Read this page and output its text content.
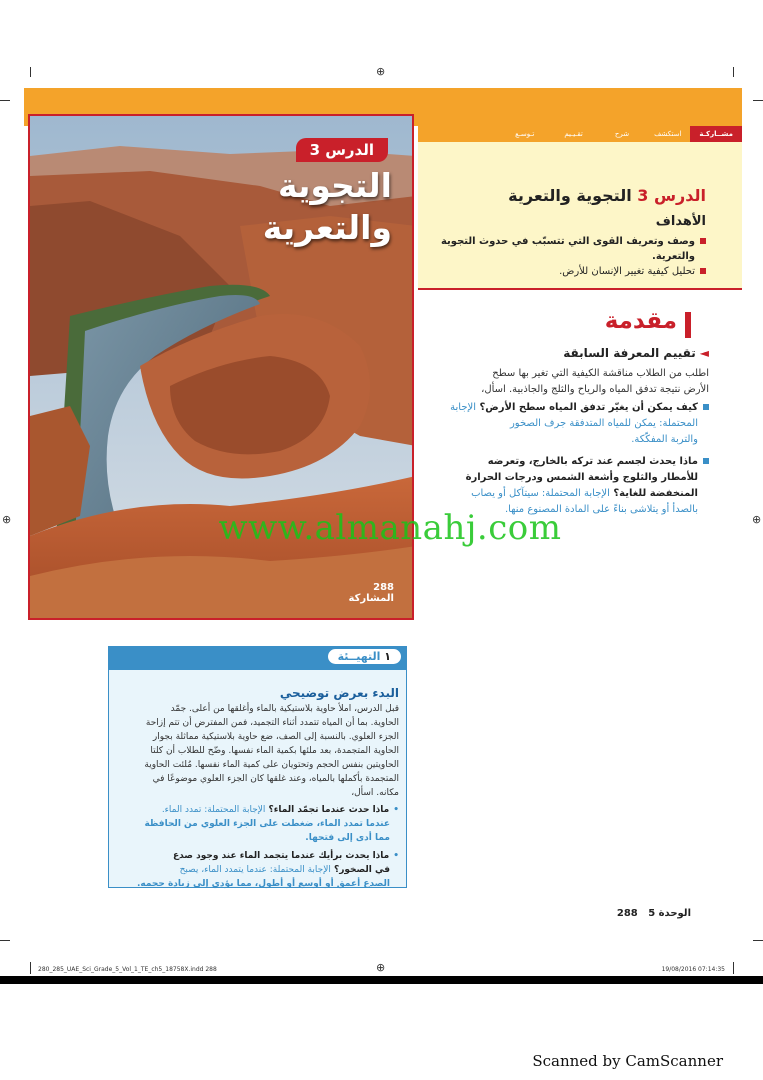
⊕
⊕	⊕
⊕
الدرس 3
التجوية
والتعرية
288
المشاركة
مشــاركـة
استكشف
شرح
تقـيـيم
تـوسـع
الدرس 3 التجوية والتعرية
الأهداف
وصف وتعريف القوى التي تتسبّب في حدوث التجوية
والتعرية.
تحليل كيفية تغيير الإنسان للأرض.
مقدمة
◄تقييم المعرفة السابقة
اطلب من الطلاب مناقشة الكيفية التي تغير بها سطح
الأرض نتيجة تدفق المياه والرياح والثلج والجاذبية. اسأل،
كيف يمكن أن يغيّر تدفق المياه سطح الأرض؟ الإجابة
المحتملة: يمكن للمياه المتدفقة جرف الصخور
والتربة المفكّكة.
ماذا يحدث لجسم عند تركه بالخارج، وتعرضه
للأمطار والثلوج وأشعة الشمس ودرجات الحرارة
المنخفضة للغاية؟ الإجابة المحتملة: سيتآكل أو يصاب
بالصدأ أو يتلاشى بناءً على المادة المصنوع منها.
١ التهيــئة
البدء بعرض توضيحي
قبل الدرس، املأ حاوية بلاستيكية بالماء وأغلقها من أعلى. جمّد
الحاوية. بما أن المياه تتمدد أثناء التجميد، فمن المفترض أن تتم إزاحة
الجزء العلوي. بالنسبة إلى الصف، ضع حاوية بلاستيكية مماثلة بجوار
الحاوية المتجمدة، بعد ملئها بكمية الماء نفسها. وضّح للطلاب أن كلتا
الحاويتين بنفس الحجم وتحتويان على كمية الماء نفسها. مُلئت الحاوية
المتجمدة بأكملها بالمياه، وعند غلقها كان الجزء العلوي موضوعًا في
مكانه. اسأل،
•ماذا حدث عندما تجمّد الماء؟ الإجابة المحتملة: تمدد الماء.
عندما تمدد الماء، ضغطت على الجزء العلوي من الحافظة
مما أدى إلى فتحها.
•ماذا يحدث برأيك عندما يتجمد الماء عند وجود صدع
في الصخور؟ الإجابة المحتملة: عندما يتمدد الماء، يصبح
الصدع أعمق أو أوسع أو أطول، مما يؤدي إلى زيادة حجمه.
www.almanahj.com
الوحدة 5   288
280_285_UAE_Sci_Grade_5_Vol_1_TE_ch5_18758X.indd 288	19/08/2016 07:14:35
Scanned by CamScanner
